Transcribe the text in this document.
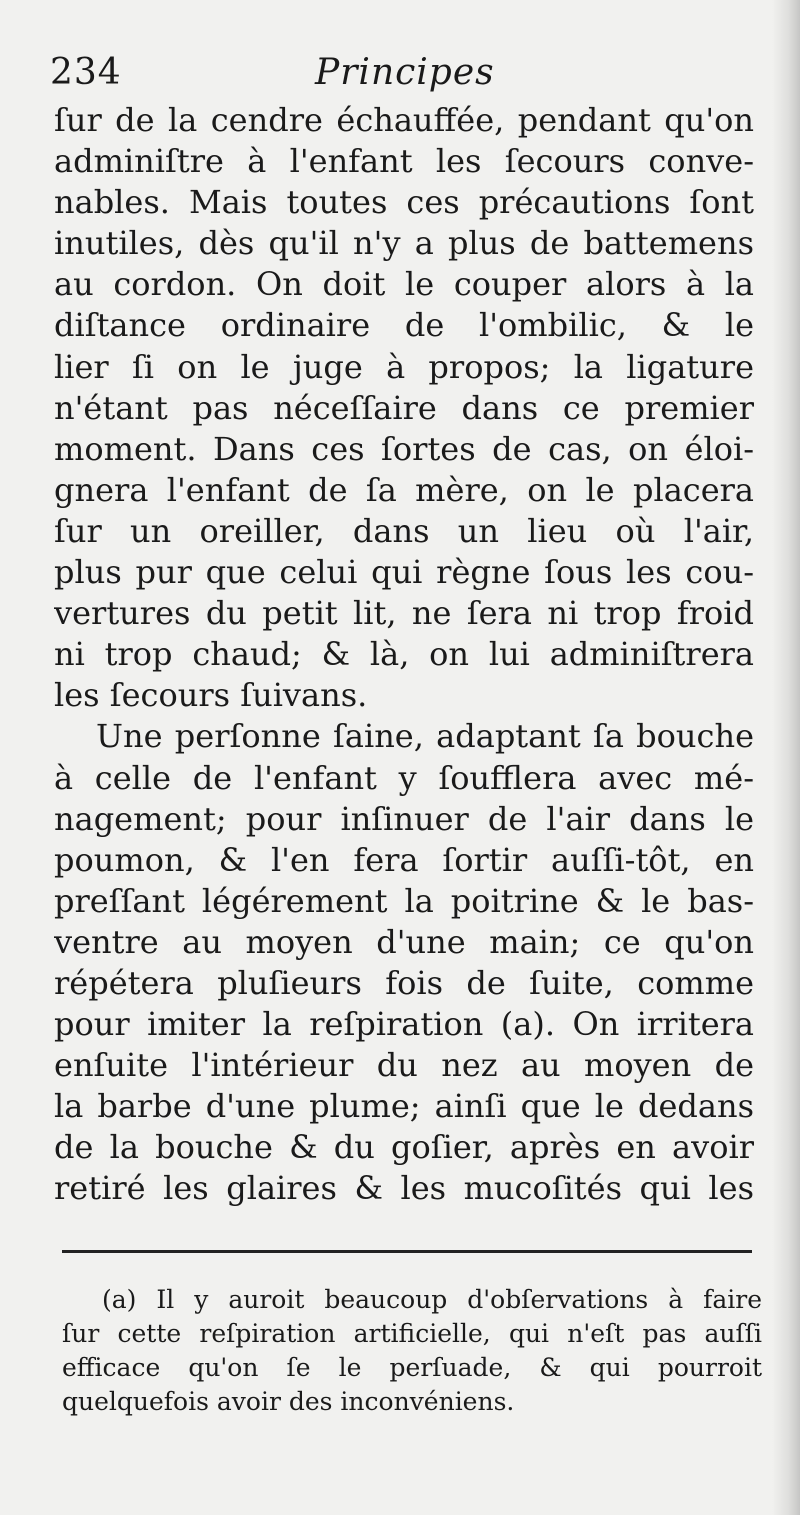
234	Principes
ſur de la cendre échauffée, pendant qu'on
adminiſtre à l'enfant les ſecours conve-
nables. Mais toutes ces précautions ſont
inutiles, dès qu'il n'y a plus de battemens
au cordon. On doit le couper alors à la
diſtance ordinaire de l'ombilic, & le
lier ſi on le juge à propos; la ligature
n'étant pas néceſſaire dans ce premier
moment. Dans ces ſortes de cas, on éloi-
gnera l'enfant de ſa mère, on le placera
ſur un oreiller, dans un lieu où l'air,
plus pur que celui qui règne ſous les cou-
vertures du petit lit, ne ſera ni trop froid
ni trop chaud; & là, on lui adminiſtrera
les ſecours ſuivans.
Une perſonne ſaine, adaptant ſa bouche
à celle de l'enfant y ſoufflera avec mé-
nagement; pour inſinuer de l'air dans le
poumon, & l'en fera ſortir auſſi-tôt, en
preſſant légérement la poitrine & le bas-
ventre au moyen d'une main; ce qu'on
répétera pluſieurs fois de ſuite, comme
pour imiter la reſpiration (a). On irritera
enſuite l'intérieur du nez au moyen de
la barbe d'une plume; ainſi que le dedans
de la bouche & du goſier, après en avoir
retiré les glaires & les mucoſités qui les
(a) Il y auroit beaucoup d'obſervations à faire
ſur cette reſpiration artificielle, qui n'eſt pas auſſi
efficace qu'on ſe le perſuade, & qui pourroit
quelquefois avoir des inconvéniens.
